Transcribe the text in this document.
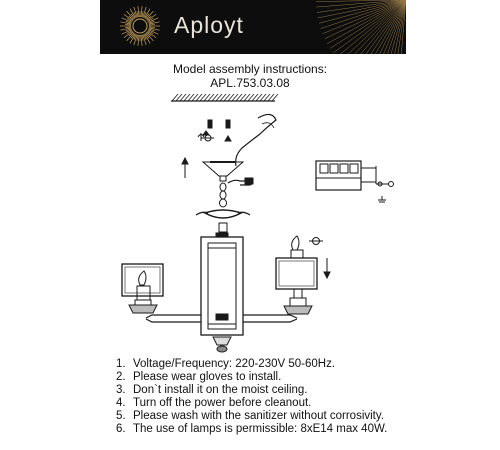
Aployt
Model assembly instructions:
APL.753.03.08
1. Voltage/Frequency: 220-230V 50-60Hz.
2. Please wear gloves to install.
3. Don`t install it on the moist ceiling.
4. Turn off the power before cleanout.
5. Please wash with the sanitizer without corrosivity.
6. The use of lamps is permissible: 8xE14 max 40W.
